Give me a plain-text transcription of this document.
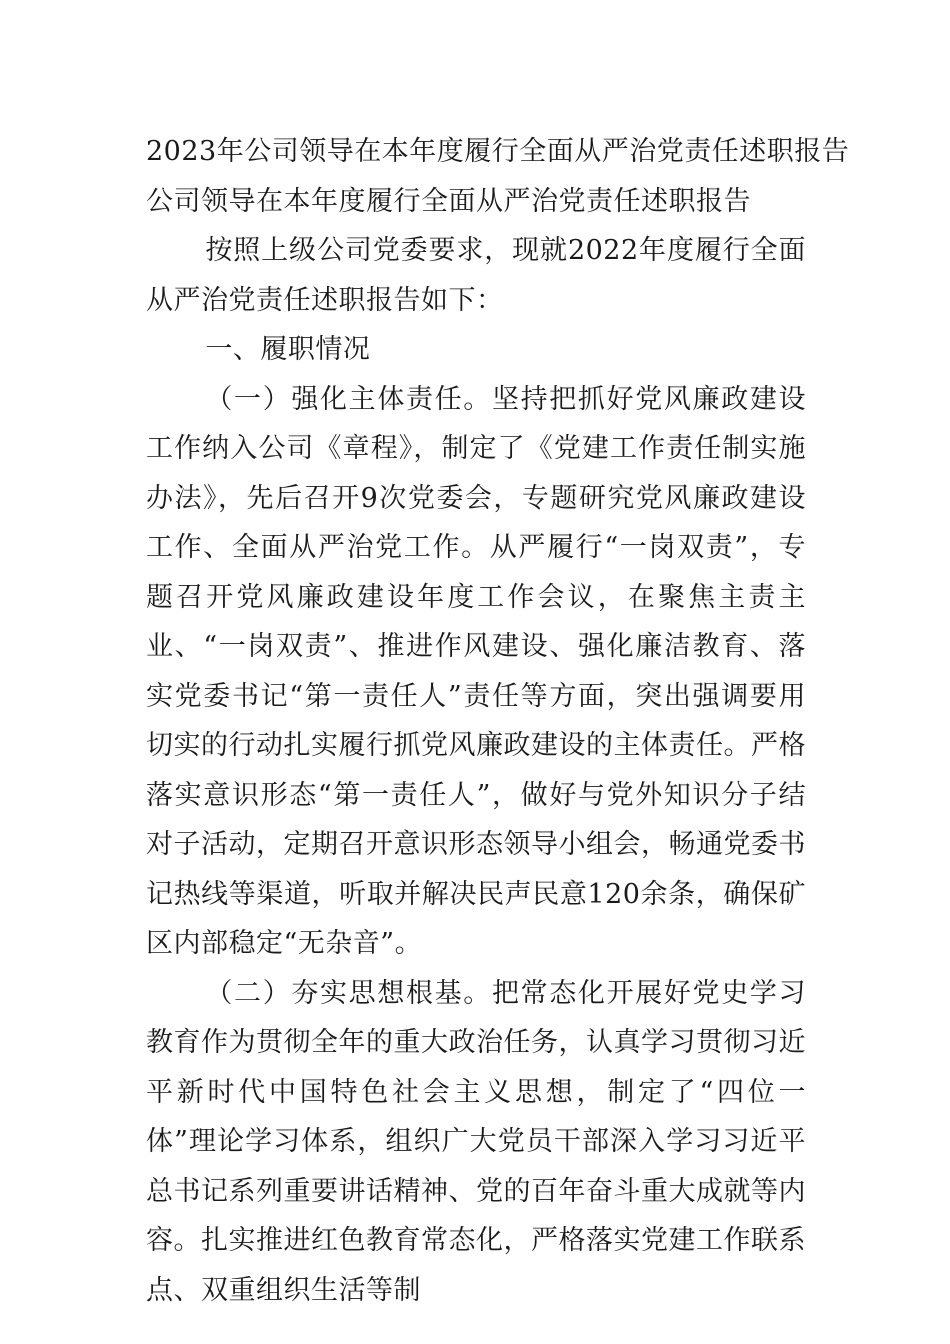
2023年公司领导在本年度履行全面从严治党责任述职报告

公司领导在本年度履行全面从严治党责任述职报告

按照上级公司党委要求，现就2022年度履行全面从严治党责任述职报告如下：

一、履职情况

（一）强化主体责任。坚持把抓好党风廉政建设工作纳入公司《章程》，制定了《党建工作责任制实施办法》，先后召开9次党委会，专题研究党风廉政建设工作、全面从严治党工作。从严履行“一岗双责”，专题召开党风廉政建设年度工作会议，在聚焦主责主业、“一岗双责”、推进作风建设、强化廉洁教育、落实党委书记“第一责任人”责任等方面，突出强调要用切实的行动扎实履行抓党风廉政建设的主体责任。严格落实意识形态“第一责任人”，做好与党外知识分子结对子活动，定期召开意识形态领导小组会，畅通党委书记热线等渠道，听取并解决民声民意120余条，确保矿区内部稳定“无杂音”。

（二）夯实思想根基。把常态化开展好党史学习教育作为贯彻全年的重大政治任务，认真学习贯彻习近平新时代中国特色社会主义思想，制定了“四位一体”理论学习体系，组织广大党员干部深入学习习近平总书记系列重要讲话精神、党的百年奋斗重大成就等内容。扎实推进红色教育常态化，严格落实党建工作联系点、双重组织生活等制
